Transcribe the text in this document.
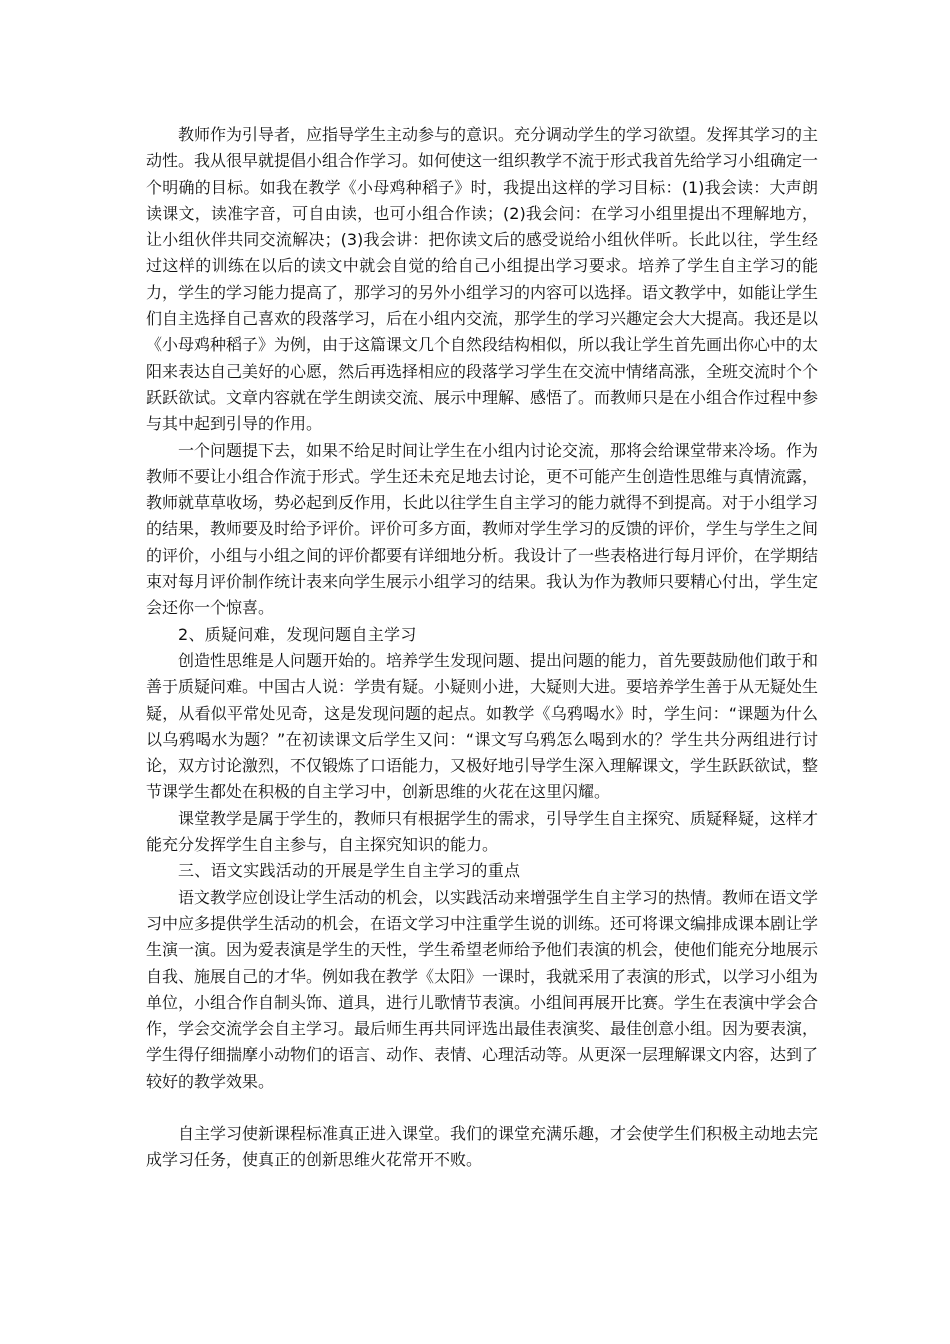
教师作为引导者，应指导学生主动参与的意识。充分调动学生的学习欲望。发挥其学习的主动性。我从很早就提倡小组合作学习。如何使这一组织教学不流于形式我首先给学习小组确定一个明确的目标。如我在教学《小母鸡种稻子》时，我提出这样的学习目标：(1)我会读：大声朗读课文，读准字音，可自由读，也可小组合作读；(2)我会问：在学习小组里提出不理解地方，让小组伙伴共同交流解决；(3)我会讲：把你读文后的感受说给小组伙伴听。长此以往，学生经过这样的训练在以后的读文中就会自觉的给自己小组提出学习要求。培养了学生自主学习的能力，学生的学习能力提高了，那学习的另外小组学习的内容可以选择。语文教学中，如能让学生们自主选择自己喜欢的段落学习，后在小组内交流，那学生的学习兴趣定会大大提高。我还是以《小母鸡种稻子》为例，由于这篇课文几个自然段结构相似，所以我让学生首先画出你心中的太阳来表达自己美好的心愿，然后再选择相应的段落学习学生在交流中情绪高涨，全班交流时个个跃跃欲试。文章内容就在学生朗读交流、展示中理解、感悟了。而教师只是在小组合作过程中参与其中起到引导的作用。

一个问题提下去，如果不给足时间让学生在小组内讨论交流，那将会给课堂带来冷场。作为教师不要让小组合作流于形式。学生还未充足地去讨论，更不可能产生创造性思维与真情流露，教师就草草收场，势必起到反作用，长此以往学生自主学习的能力就得不到提高。对于小组学习的结果，教师要及时给予评价。评价可多方面，教师对学生学习的反馈的评价，学生与学生之间的评价，小组与小组之间的评价都要有详细地分析。我设计了一些表格进行每月评价，在学期结束对每月评价制作统计表来向学生展示小组学习的结果。我认为作为教师只要精心付出，学生定会还你一个惊喜。

2、质疑问难，发现问题自主学习

创造性思维是人问题开始的。培养学生发现问题、提出问题的能力，首先要鼓励他们敢于和善于质疑问难。中国古人说：学贵有疑。小疑则小进，大疑则大进。要培养学生善于从无疑处生疑，从看似平常处见奇，这是发现问题的起点。如教学《乌鸦喝水》时，学生问：“课题为什么以乌鸦喝水为题？”在初读课文后学生又问：“课文写乌鸦怎么喝到水的？学生共分两组进行讨论，双方讨论激烈，不仅锻炼了口语能力，又极好地引导学生深入理解课文，学生跃跃欲试，整节课学生都处在积极的自主学习中，创新思维的火花在这里闪耀。

课堂教学是属于学生的，教师只有根据学生的需求，引导学生自主探究、质疑释疑，这样才能充分发挥学生自主参与，自主探究知识的能力。

三、语文实践活动的开展是学生自主学习的重点

语文教学应创设让学生活动的机会，以实践活动来增强学生自主学习的热情。教师在语文学习中应多提供学生活动的机会，在语文学习中注重学生说的训练。还可将课文编排成课本剧让学生演一演。因为爱表演是学生的天性，学生希望老师给予他们表演的机会，使他们能充分地展示自我、施展自己的才华。例如我在教学《太阳》一课时，我就采用了表演的形式，以学习小组为单位，小组合作自制头饰、道具，进行儿歌情节表演。小组间再展开比赛。学生在表演中学会合作，学会交流学会自主学习。最后师生再共同评选出最佳表演奖、最佳创意小组。因为要表演，学生得仔细揣摩小动物们的语言、动作、表情、心理活动等。从更深一层理解课文内容，达到了较好的教学效果。

自主学习使新课程标准真正进入课堂。我们的课堂充满乐趣，才会使学生们积极主动地去完成学习任务，使真正的创新思维火花常开不败。
